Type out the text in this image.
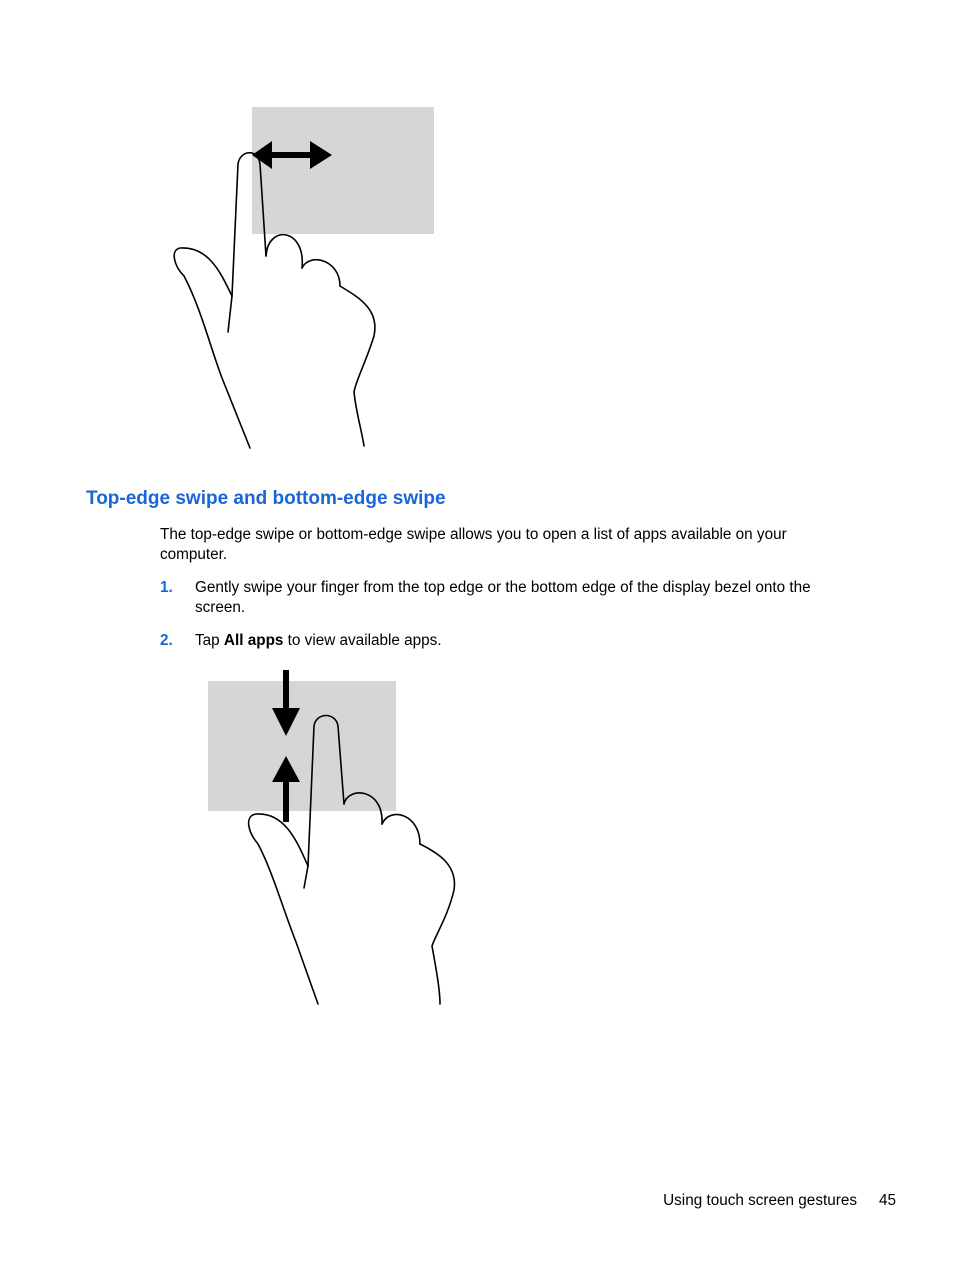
Top-edge swipe and bottom-edge swipe
The top-edge swipe or bottom-edge swipe allows you to open a list of apps available on your computer.
1. Gently swipe your finger from the top edge or the bottom edge of the display bezel onto the screen.
2. Tap All apps to view available apps.
Using touch screen gestures 45
